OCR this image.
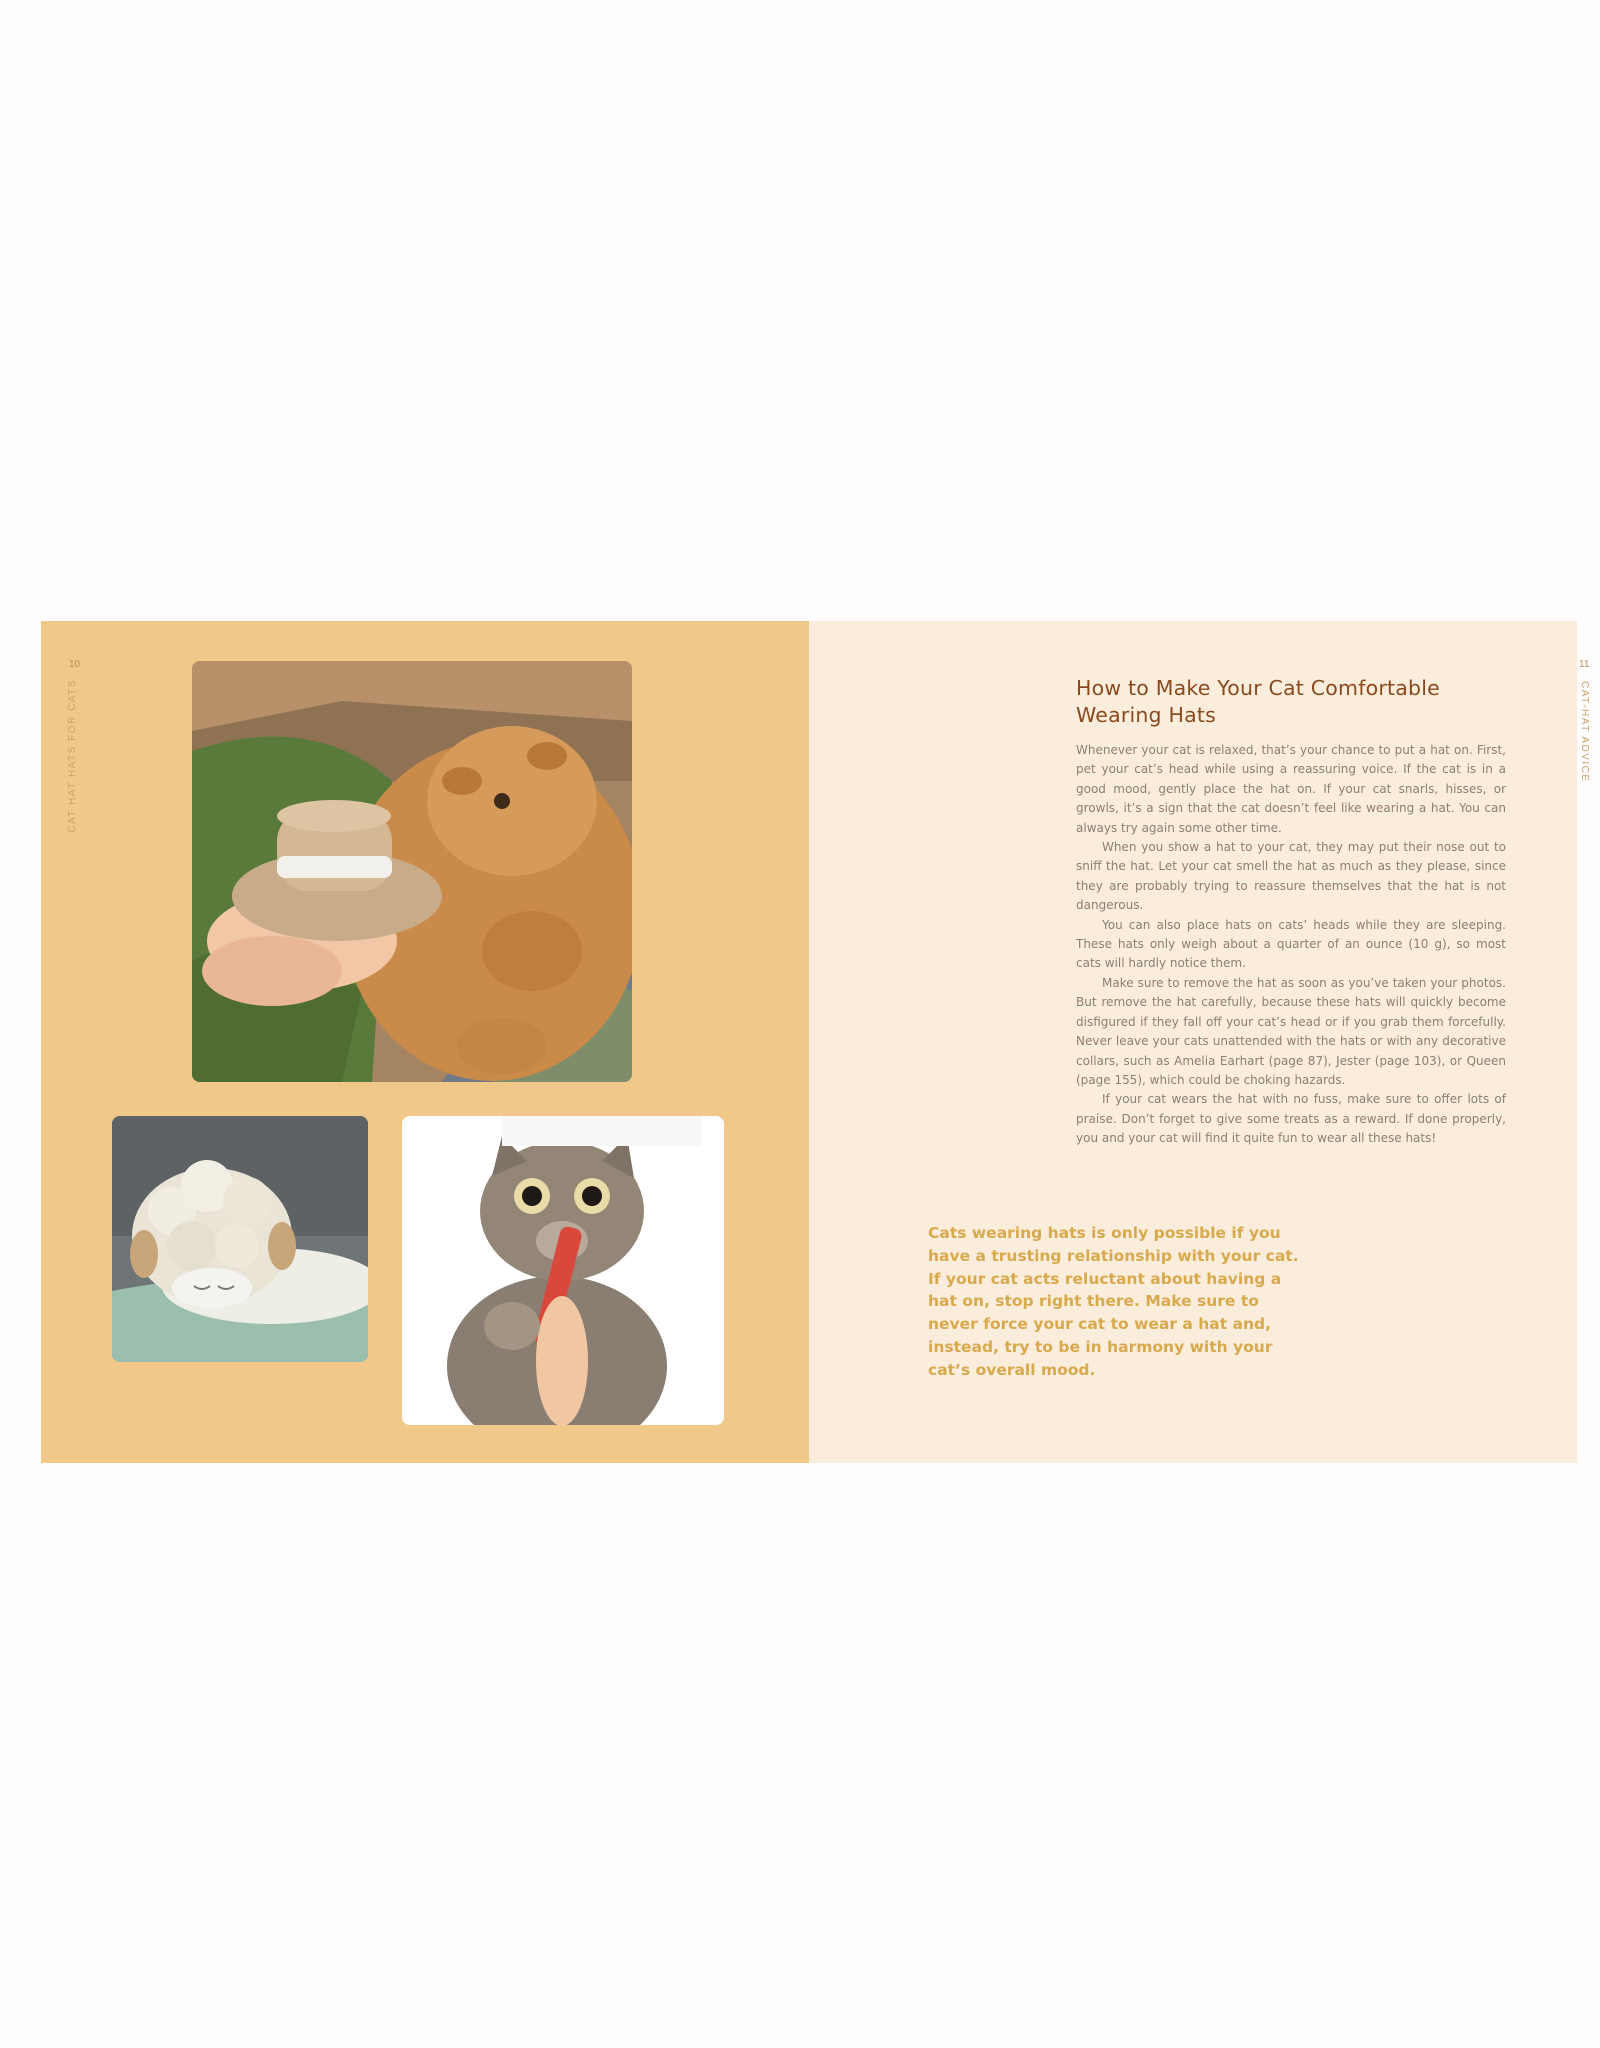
10
CAT HAT HATS FOR CATS
11
CAT-HAT ADVICE
How to Make Your Cat Comfortable Wearing Hats

Whenever your cat is relaxed, that’s your chance to put a hat on. First, pet your cat’s head while using a reassuring voice. If the cat is in a good mood, gently place the hat on. If your cat snarls, hisses, or growls, it’s a sign that the cat doesn’t feel like wearing a hat. You can always try again some other time.

When you show a hat to your cat, they may put their nose out to sniff the hat. Let your cat smell the hat as much as they please, since they are probably trying to reassure themselves that the hat is not dangerous.

You can also place hats on cats’ heads while they are sleeping. These hats only weigh about a quarter of an ounce (10 g), so most cats will hardly notice them.

Make sure to remove the hat as soon as you’ve taken your photos. But remove the hat carefully, because these hats will quickly become disfigured if they fall off your cat’s head or if you grab them forcefully. Never leave your cats unattended with the hats or with any decorative collars, such as Amelia Earhart (page 87), Jester (page 103), or Queen (page 155), which could be choking hazards.

If your cat wears the hat with no fuss, make sure to offer lots of praise. Don’t forget to give some treats as a reward. If done properly, you and your cat will find it quite fun to wear all these hats!

Cats wearing hats is only possible if you have a trusting relationship with your cat. If your cat acts reluctant about having a hat on, stop right there. Make sure to never force your cat to wear a hat and, instead, try to be in harmony with your cat’s overall mood.
